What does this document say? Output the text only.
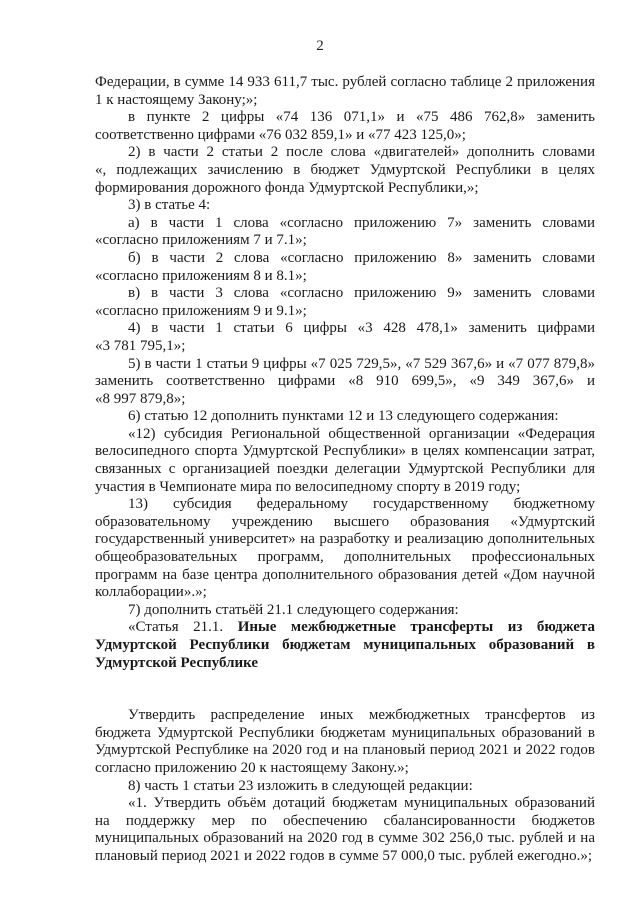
2
Федерации, в сумме 14 933 611,7 тыс. рублей согласно таблице 2 приложения
1 к настоящему Закону;»;
в пункте 2 цифры «74 136 071,1» и «75 486 762,8» заменить
соответственно цифрами «76 032 859,1» и «77 423 125,0»;
2) в части 2 статьи 2 после слова «двигателей» дополнить словами
«, подлежащих зачислению в бюджет Удмуртской Республики в целях
формирования дорожного фонда Удмуртской Республики,»;
3) в статье 4:
а) в части 1 слова «согласно приложению 7» заменить словами
«согласно приложениям 7 и 7.1»;
б) в части 2 слова «согласно приложению 8» заменить словами
«согласно приложениям 8 и 8.1»;
в) в части 3 слова «согласно приложению 9» заменить словами
«согласно приложениям 9 и 9.1»;
4) в части 1 статьи 6 цифры «3 428 478,1» заменить цифрами
«3 781 795,1»;
5) в части 1 статьи 9 цифры «7 025 729,5», «7 529 367,6» и «7 077 879,8»
заменить соответственно цифрами «8 910 699,5», «9 349 367,6» и
«8 997 879,8»;
6) статью 12 дополнить пунктами 12 и 13 следующего содержания:
«12) субсидия Региональной общественной организации «Федерация
велосипедного спорта Удмуртской Республики» в целях компенсации затрат,
связанных с организацией поездки делегации Удмуртской Республики для
участия в Чемпионате мира по велосипедному спорту в 2019 году;
13) субсидия федеральному государственному бюджетному
образовательному учреждению высшего образования «Удмуртский
государственный университет» на разработку и реализацию дополнительных
общеобразовательных программ, дополнительных профессиональных
программ на базе центра дополнительного образования детей «Дом научной
коллаборации».»;
7) дополнить статьёй 21.1 следующего содержания:
«Статья 21.1. Иные межбюджетные трансферты из бюджета
Удмуртской Республики бюджетам муниципальных образований в
Удмуртской Республике
Утвердить распределение иных межбюджетных трансфертов из
бюджета Удмуртской Республики бюджетам муниципальных образований в
Удмуртской Республике на 2020 год и на плановый период 2021 и 2022 годов
согласно приложению 20 к настоящему Закону.»;
8) часть 1 статьи 23 изложить в следующей редакции:
«1. Утвердить объём дотаций бюджетам муниципальных образований
на поддержку мер по обеспечению сбалансированности бюджетов
муниципальных образований на 2020 год в сумме 302 256,0 тыс. рублей и на
плановый период 2021 и 2022 годов в сумме 57 000,0 тыс. рублей ежегодно.»;
